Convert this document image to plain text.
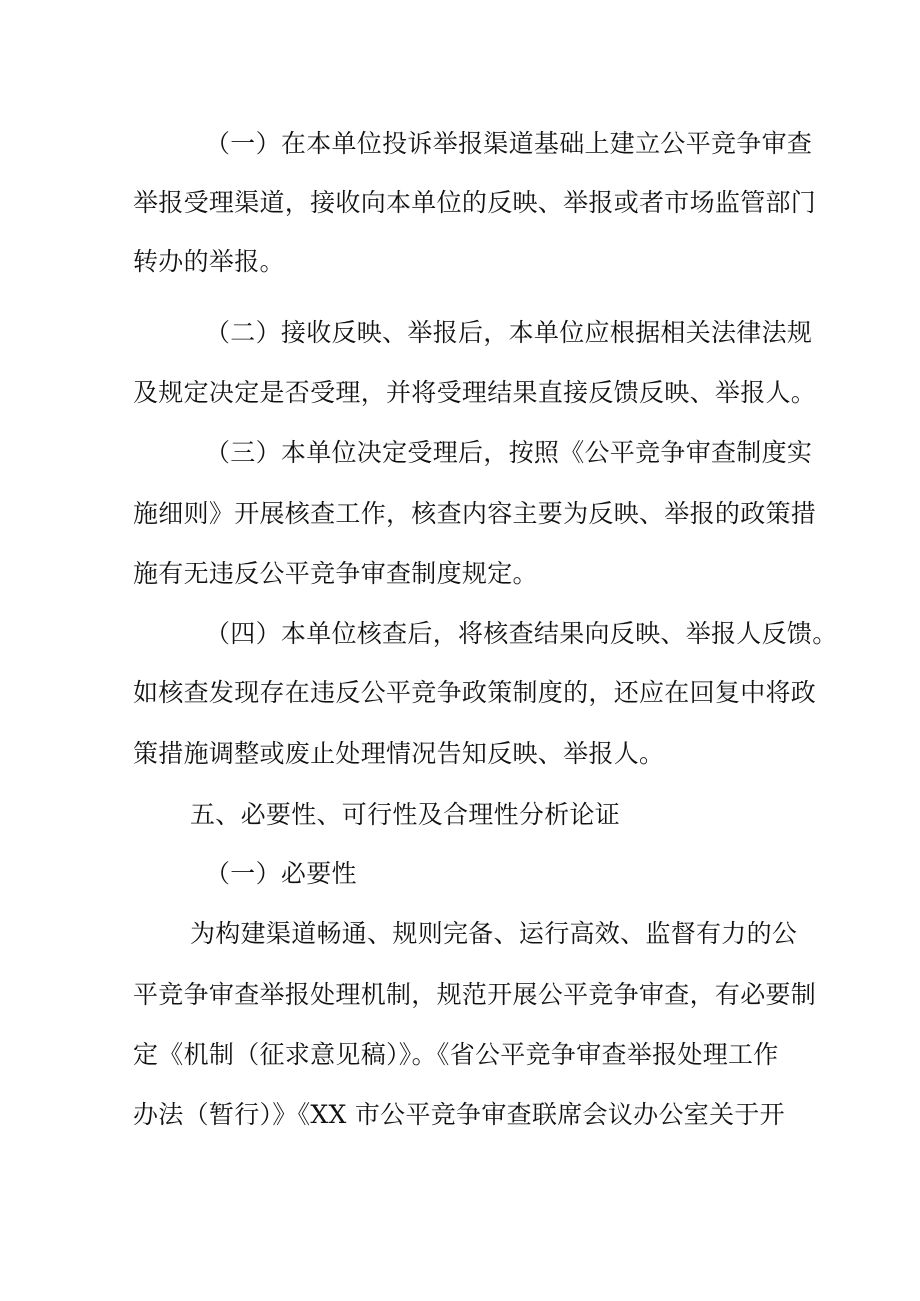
（一）在本单位投诉举报渠道基础上建立公平竞争审查
举报受理渠道，接收向本单位的反映、举报或者市场监管部门
转办的举报。
（二）接收反映、举报后，本单位应根据相关法律法规
及规定决定是否受理，并将受理结果直接反馈反映、举报人。
（三）本单位决定受理后，按照《公平竞争审查制度实
施细则》开展核查工作，核查内容主要为反映、举报的政策措
施有无违反公平竞争审查制度规定。
（四）本单位核查后，将核查结果向反映、举报人反馈。
如核查发现存在违反公平竞争政策制度的，还应在回复中将政
策措施调整或废止处理情况告知反映、举报人。
五、必要性、可行性及合理性分析论证
（一）必要性
为构建渠道畅通、规则完备、运行高效、监督有力的公
平竞争审查举报处理机制，规范开展公平竞争审查，有必要制
定《机制（征求意见稿）》。《省公平竞争审查举报处理工作
办法（暂行）》《XX 市公平竞争审查联席会议办公室关于开
